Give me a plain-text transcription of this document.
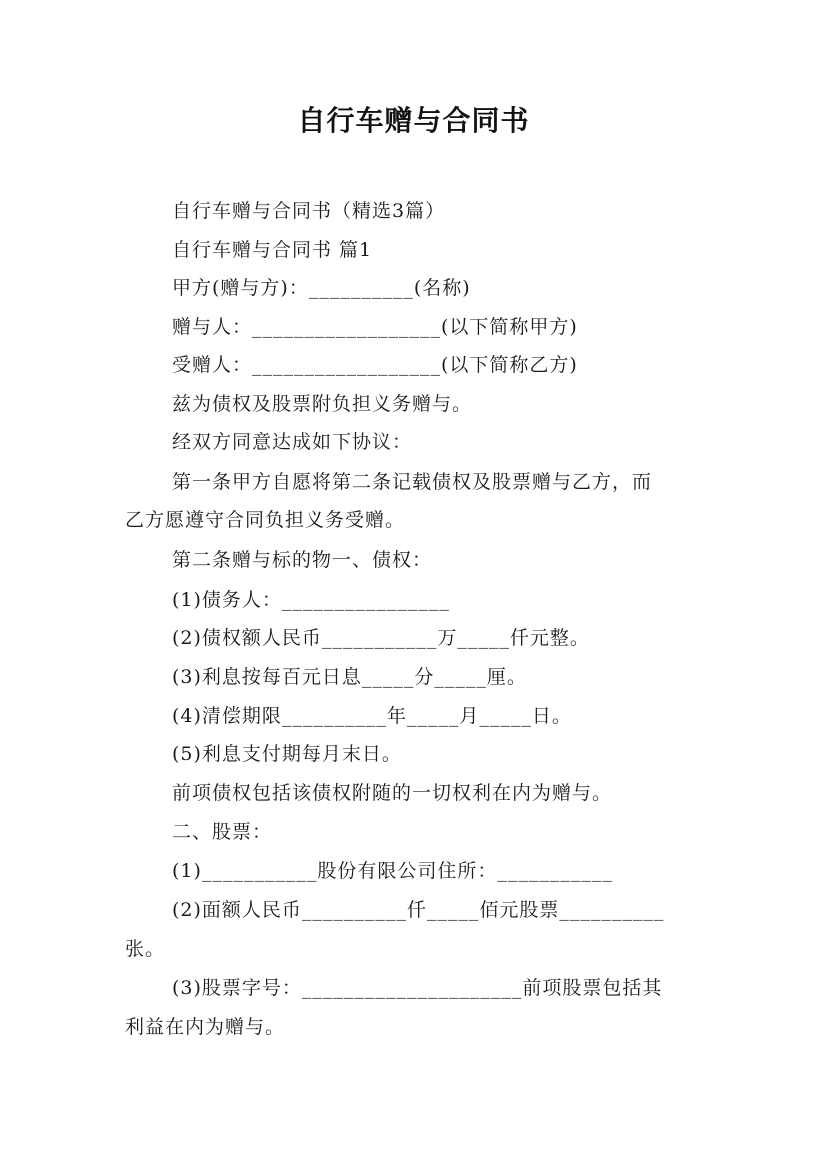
自行车赠与合同书
自行车赠与合同书（精选3篇）
自行车赠与合同书 篇1
甲方(赠与方)：__________(名称)
赠与人：__________________(以下简称甲方)
受赠人：__________________(以下简称乙方)
兹为债权及股票附负担义务赠与。
经双方同意达成如下协议：
第一条甲方自愿将第二条记载债权及股票赠与乙方，而
乙方愿遵守合同负担义务受赠。
第二条赠与标的物一、债权：
(1)债务人：________________
(2)债权额人民币___________万_____仟元整。
(3)利息按每百元日息_____分_____厘。
(4)清偿期限__________年_____月_____日。
(5)利息支付期每月末日。
前项债权包括该债权附随的一切权利在内为赠与。
二、股票：
(1)___________股份有限公司住所：___________
(2)面额人民币__________仟_____佰元股票__________
张。
(3)股票字号：_____________________前项股票包括其
利益在内为赠与。
